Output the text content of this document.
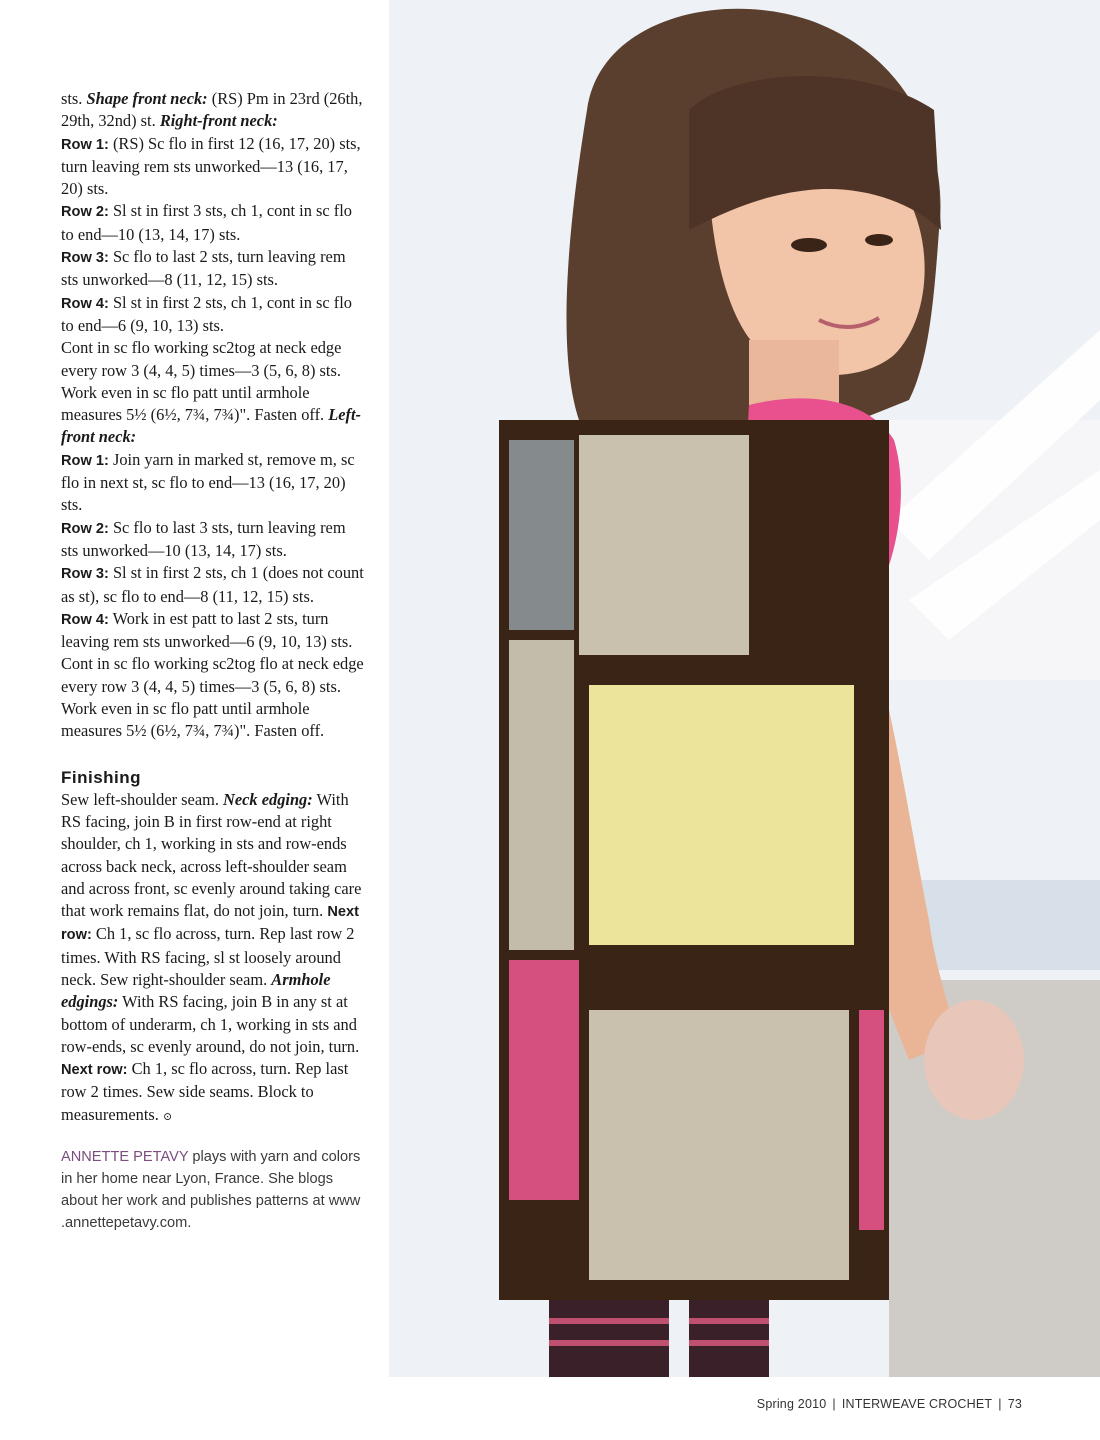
sts. Shape front neck: (RS) Pm in 23rd (26th, 29th, 32nd) st. Right-front neck:

Row 1: (RS) Sc flo in first 12 (16, 17, 20) sts, turn leaving rem sts unworked—13 (16, 17, 20) sts.

Row 2: Sl st in first 3 sts, ch 1, cont in sc flo to end—10 (13, 14, 17) sts.

Row 3: Sc flo to last 2 sts, turn leaving rem sts unworked—8 (11, 12, 15) sts.

Row 4: Sl st in first 2 sts, ch 1, cont in sc flo to end—6 (9, 10, 13) sts.

Cont in sc flo working sc2tog at neck edge every row 3 (4, 4, 5) times—3 (5, 6, 8) sts. Work even in sc flo patt until armhole measures 5½ (6½, 7¾, 7¾)". Fasten off. Left-front neck:

Row 1: Join yarn in marked st, remove m, sc flo in next st, sc flo to end—13 (16, 17, 20) sts.

Row 2: Sc flo to last 3 sts, turn leaving rem sts unworked—10 (13, 14, 17) sts.

Row 3: Sl st in first 2 sts, ch 1 (does not count as st), sc flo to end—8 (11, 12, 15) sts.

Row 4: Work in est patt to last 2 sts, turn leaving rem sts unworked—6 (9, 10, 13) sts.

Cont in sc flo working sc2tog flo at neck edge every row 3 (4, 4, 5) times—3 (5, 6, 8) sts. Work even in sc flo patt until armhole measures 5½ (6½, 7¾, 7¾)". Fasten off.

Finishing

Sew left-shoulder seam. Neck edging: With RS facing, join B in first row-end at right shoulder, ch 1, working in sts and row-ends across back neck, across left-shoulder seam and across front, sc evenly around taking care that work remains flat, do not join, turn. Next row: Ch 1, sc flo across, turn. Rep last row 2 times. With RS facing, sl st loosely around neck. Sew right-shoulder seam. Armhole edgings: With RS facing, join B in any st at bottom of underarm, ch 1, working in sts and row-ends, sc evenly around, do not join, turn. Next row: Ch 1, sc flo across, turn. Rep last row 2 times. Sew side seams. Block to measurements. ⊙

ANNETTE PETAVY plays with yarn and colors in her home near Lyon, France. She blogs about her work and publishes patterns at www .annettepetavy.com.

Spring 2010 | INTERWEAVE CROCHET | 73
